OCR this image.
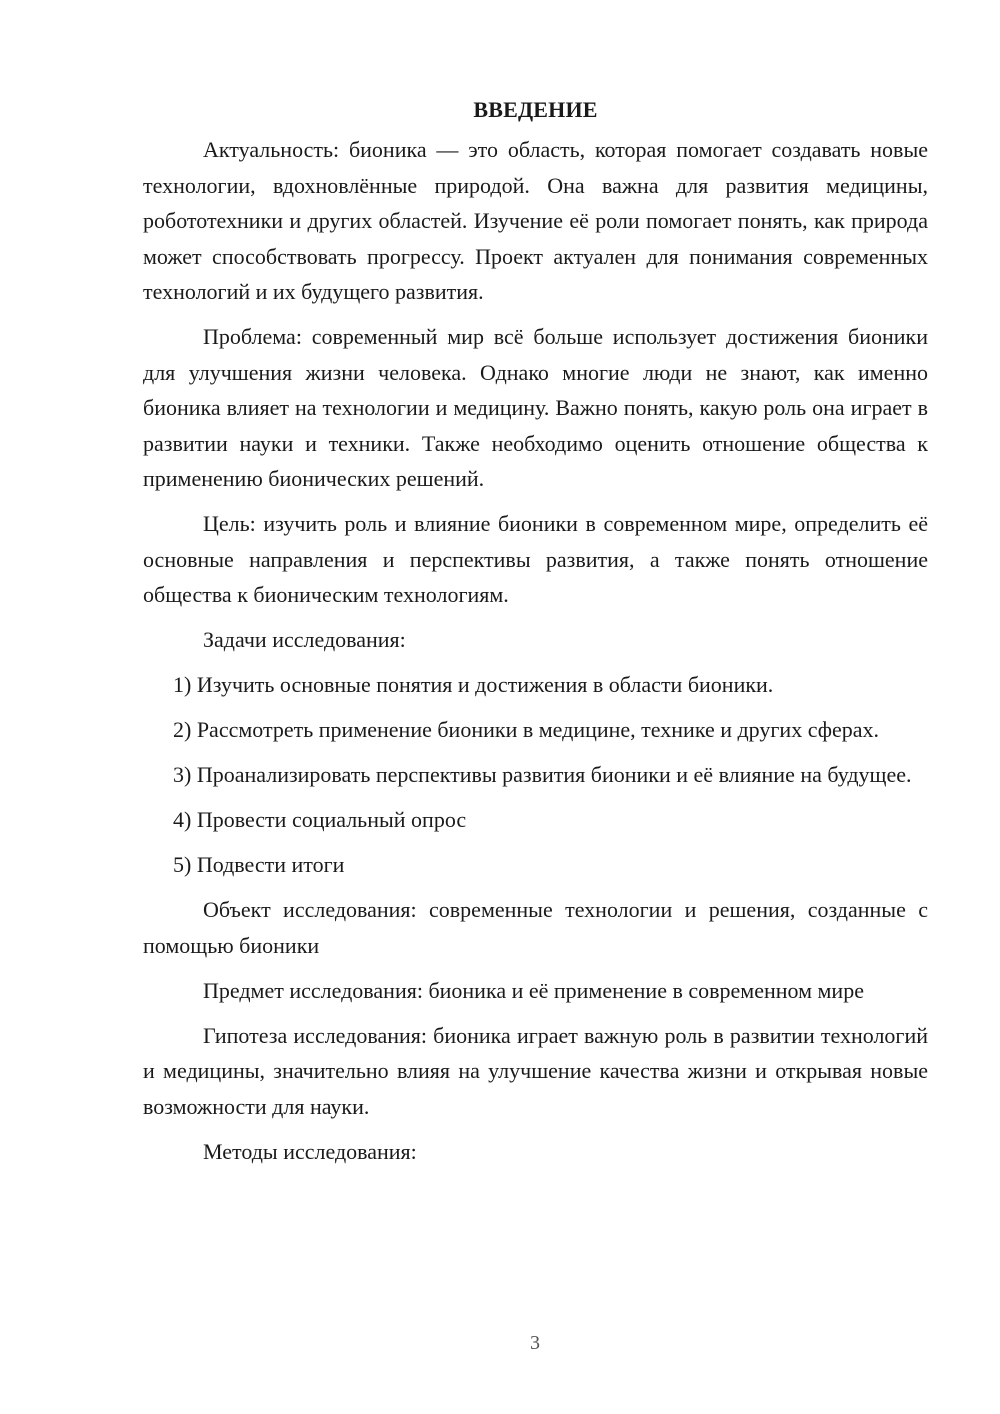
ВВЕДЕНИЕ

Актуальность: бионика — это область, которая помогает создавать новые технологии, вдохновлённые природой. Она важна для развития медицины, робототехники и других областей. Изучение её роли помогает понять, как природа может способствовать прогрессу. Проект актуален для понимания современных технологий и их будущего развития.

Проблема: современный мир всё больше использует достижения бионики для улучшения жизни человека. Однако многие люди не знают, как именно бионика влияет на технологии и медицину. Важно понять, какую роль она играет в развитии науки и техники. Также необходимо оценить отношение общества к применению бионических решений.

Цель: изучить роль и влияние бионики в современном мире, определить её основные направления и перспективы развития, а также понять отношение общества к бионическим технологиям.

Задачи исследования:

1) Изучить основные понятия и достижения в области бионики.

2) Рассмотреть применение бионики в медицине, технике и других сферах.

3) Проанализировать перспективы развития бионики и её влияние на будущее.

4) Провести социальный опрос

5) Подвести итоги

Объект исследования: современные технологии и решения, созданные с помощью бионики

Предмет исследования: бионика и её применение в современном мире

Гипотеза исследования: бионика играет важную роль в развитии технологий и медицины, значительно влияя на улучшение качества жизни и открывая новые возможности для науки.

Методы исследования:

3
